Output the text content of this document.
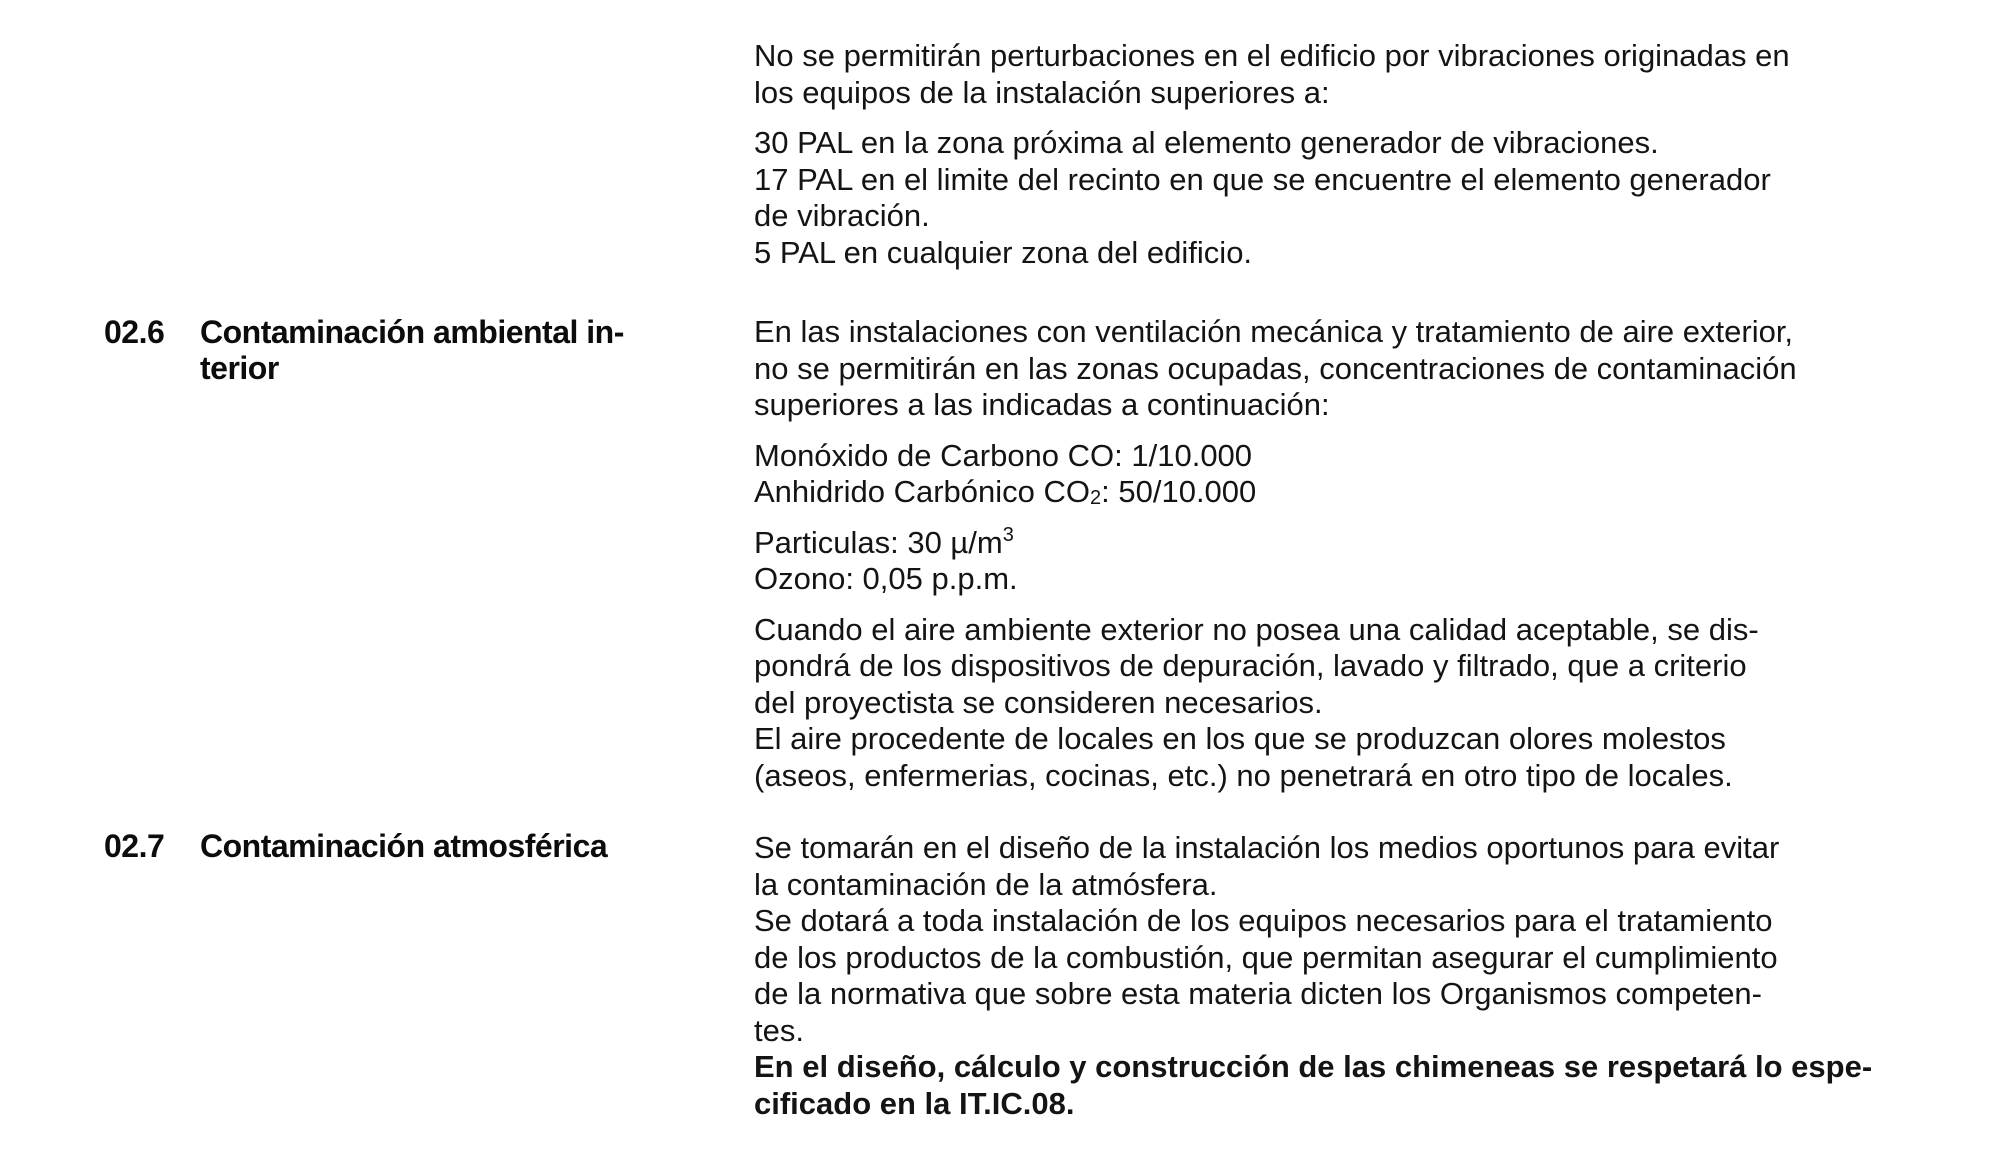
No se permitirán perturbaciones en el edificio por vibraciones originadas en
los equipos de la instalación superiores a:
30 PAL en la zona próxima al elemento generador de vibraciones.
17 PAL en el limite del recinto en que se encuentre el elemento generador
de vibración.
5 PAL en cualquier zona del edificio.
02.6 Contaminación ambiental in-
terior
En las instalaciones con ventilación mecánica y tratamiento de aire exterior,
no se permitirán en las zonas ocupadas, concentraciones de contaminación
superiores a las indicadas a continuación:
Monóxido de Carbono CO: 1/10.000
Anhidrido Carbónico CO2: 50/10.000
Particulas: 30 $\mu/m^3$
Ozono: 0,05 p.p.m.
Cuando el aire ambiente exterior no posea una calidad aceptable, se dis-
pondrá de los dispositivos de depuración, lavado y filtrado, que a criterio
del proyectista se consideren necesarios.
El aire procedente de locales en los que se produzcan olores molestos
(aseos, enfermerias, cocinas, etc.) no penetrará en otro tipo de locales.
02.7 Contaminación atmosférica	Se tomarán en el diseño de la instalación los medios oportunos para evitar
la contaminación de la atmósfera.
Se dotará a toda instalación de los equipos necesarios para el tratamiento
de los productos de la combustión, que permitan asegurar el cumplimiento
de la normativa que sobre esta materia dicten los Organismos competen-
tes.
En el diseño, cálculo y construcción de las chimeneas se respetará lo espe-
cificado en la IT.IC.08.
